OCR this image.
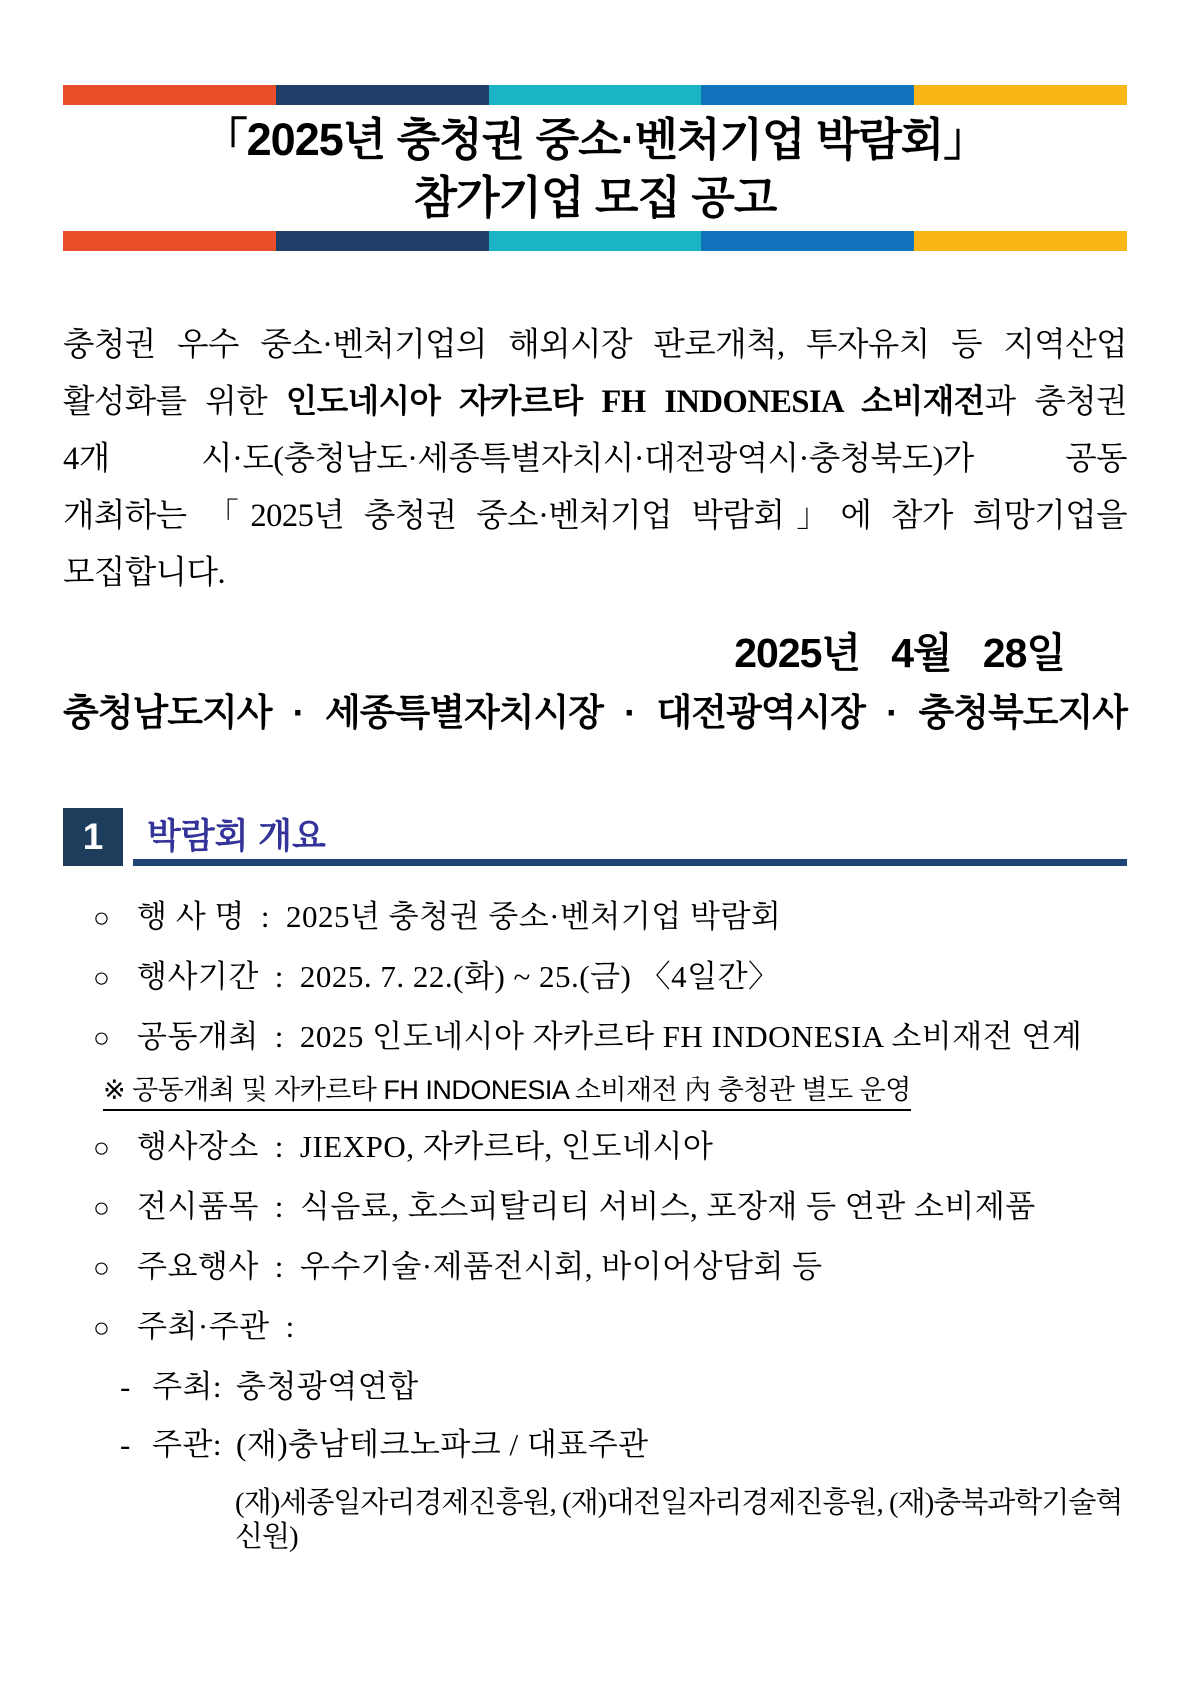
「2025년 충청권 중소·벤처기업 박람회」
참가기업 모집 공고
충청권 우수 중소·벤처기업의 해외시장 판로개척, 투자유치 등 지역산업
활성화를 위한 인도네시아 자카르타 FH INDONESIA 소비재전과 충청권
4개 시·도(충청남도·세종특별자치시·대전광역시·충청북도)가 공동
개최하는 「2025년 충청권 중소·벤처기업 박람회」에 참가 희망기업을
모집합니다.
2025년   4월   28일
충청남도지사 · 세종특별자치시장 · 대전광역시장 · 충청북도지사
1	박람회 개요
○ 행 사 명 : 2025년 충청권 중소·벤처기업 박람회
○ 행사기간 : 2025. 7. 22.(화) ~ 25.(금) 〈4일간〉
○ 공동개최 : 2025 인도네시아 자카르타 FH INDONESIA 소비재전 연계
※ 공동개최 및 자카르타 FH INDONESIA 소비재전 內 충청관 별도 운영
○ 행사장소 : JIEXPO, 자카르타, 인도네시아
○ 전시품목 : 식음료, 호스피탈리티 서비스, 포장재 등 연관 소비제품
○ 주요행사 : 우수기술·제품전시회, 바이어상담회 등
○ 주최·주관 :
- 주최: 충청광역연합
- 주관: (재)충남테크노파크 / 대표주관
(재)세종일자리경제진흥원, (재)대전일자리경제진흥원, (재)충북과학기술혁신원)
